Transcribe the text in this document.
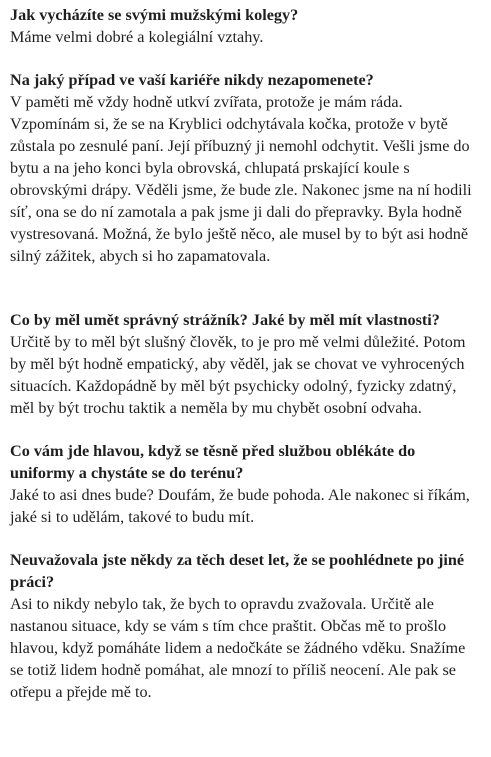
Jak vycházíte se svými mužskými kolegy?

Máme velmi dobré a kolegiální vztahy.

Na jaký případ ve vaší kariéře nikdy nezapomenete?

V paměti mě vždy hodně utkví zvířata, protože je mám ráda. Vzpomínám si, že se na Kryblici odchytávala kočka, protože v bytě zůstala po zesnulé paní. Její příbuzný ji nemohl odchytit. Vešli jsme do bytu a na jeho konci byla obrovská, chlupatá prskající koule s obrovskými drápy. Věděli jsme, že bude zle. Nakonec jsme na ní hodili síť, ona se do ní zamotala a pak jsme ji dali do přepravky. Byla hodně vystresovaná. Možná, že bylo ještě něco, ale musel by to být asi hodně silný zážitek, abych si ho zapamatovala.

Co by měl umět správný strážník? Jaké by měl mít vlastnosti?

Určitě by to měl být slušný člověk, to je pro mě velmi důležité. Potom by měl být hodně empatický, aby věděl, jak se chovat ve vyhrocených situacích. Každopádně by měl být psychicky odolný, fyzicky zdatný, měl by být trochu taktik a neměla by mu chybět osobní odvaha.

Co vám jde hlavou, když se těsně před službou oblékáte do uniformy a chystáte se do terénu?

Jaké to asi dnes bude? Doufám, že bude pohoda. Ale nakonec si říkám, jaké si to udělám, takové to budu mít.

Neuvažovala jste někdy za těch deset let, že se poohlédnete po jiné práci?

Asi to nikdy nebylo tak, že bych to opravdu zvažovala. Určitě ale nastanou situace, kdy se vám s tím chce praštit. Občas mě to prošlo hlavou, když pomáháte lidem a nedočkáte se žádného vděku. Snažíme se totiž lidem hodně pomáhat, ale mnozí to příliš neocení. Ale pak se otřepu a přejde mě to.
